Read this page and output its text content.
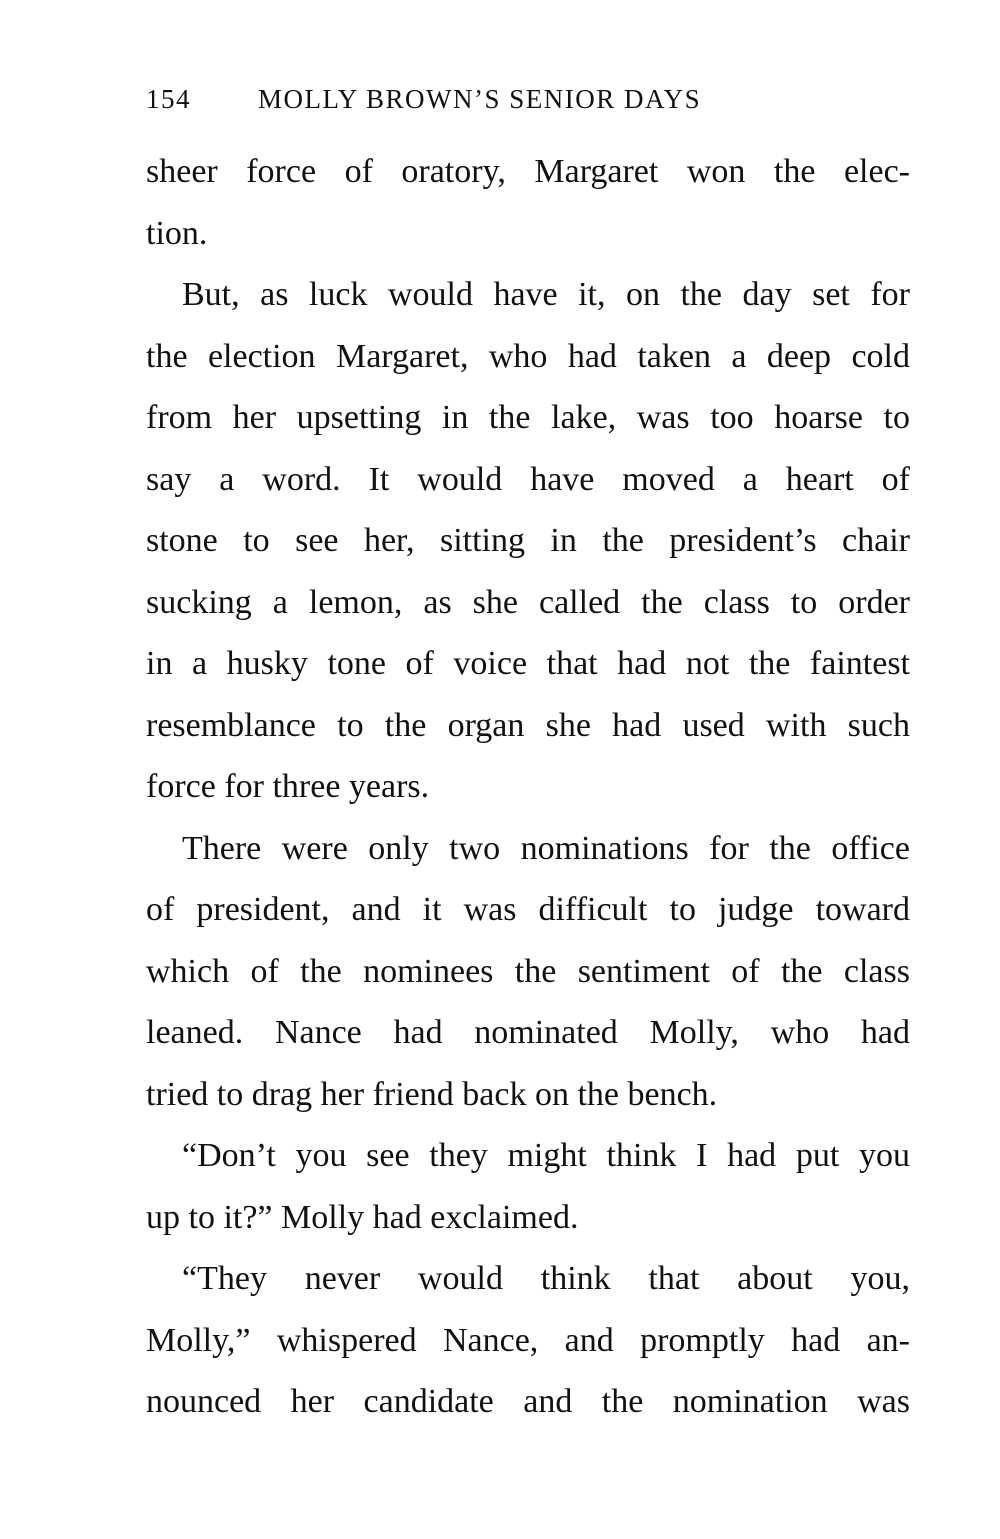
154 MOLLY BROWN’S SENIOR DAYS
sheer force of oratory, Margaret won the elec-
tion.
But, as luck would have it, on the day set for
the election Margaret, who had taken a deep cold
from her upsetting in the lake, was too hoarse to
say a word. It would have moved a heart of
stone to see her, sitting in the president’s chair
sucking a lemon, as she called the class to order
in a husky tone of voice that had not the faintest
resemblance to the organ she had used with such
force for three years.
There were only two nominations for the office
of president, and it was difficult to judge toward
which of the nominees the sentiment of the class
leaned. Nance had nominated Molly, who had
tried to drag her friend back on the bench.
“Don’t you see they might think I had put you
up to it?” Molly had exclaimed.
“They never would think that about you,
Molly,” whispered Nance, and promptly had an-
nounced her candidate and the nomination was
